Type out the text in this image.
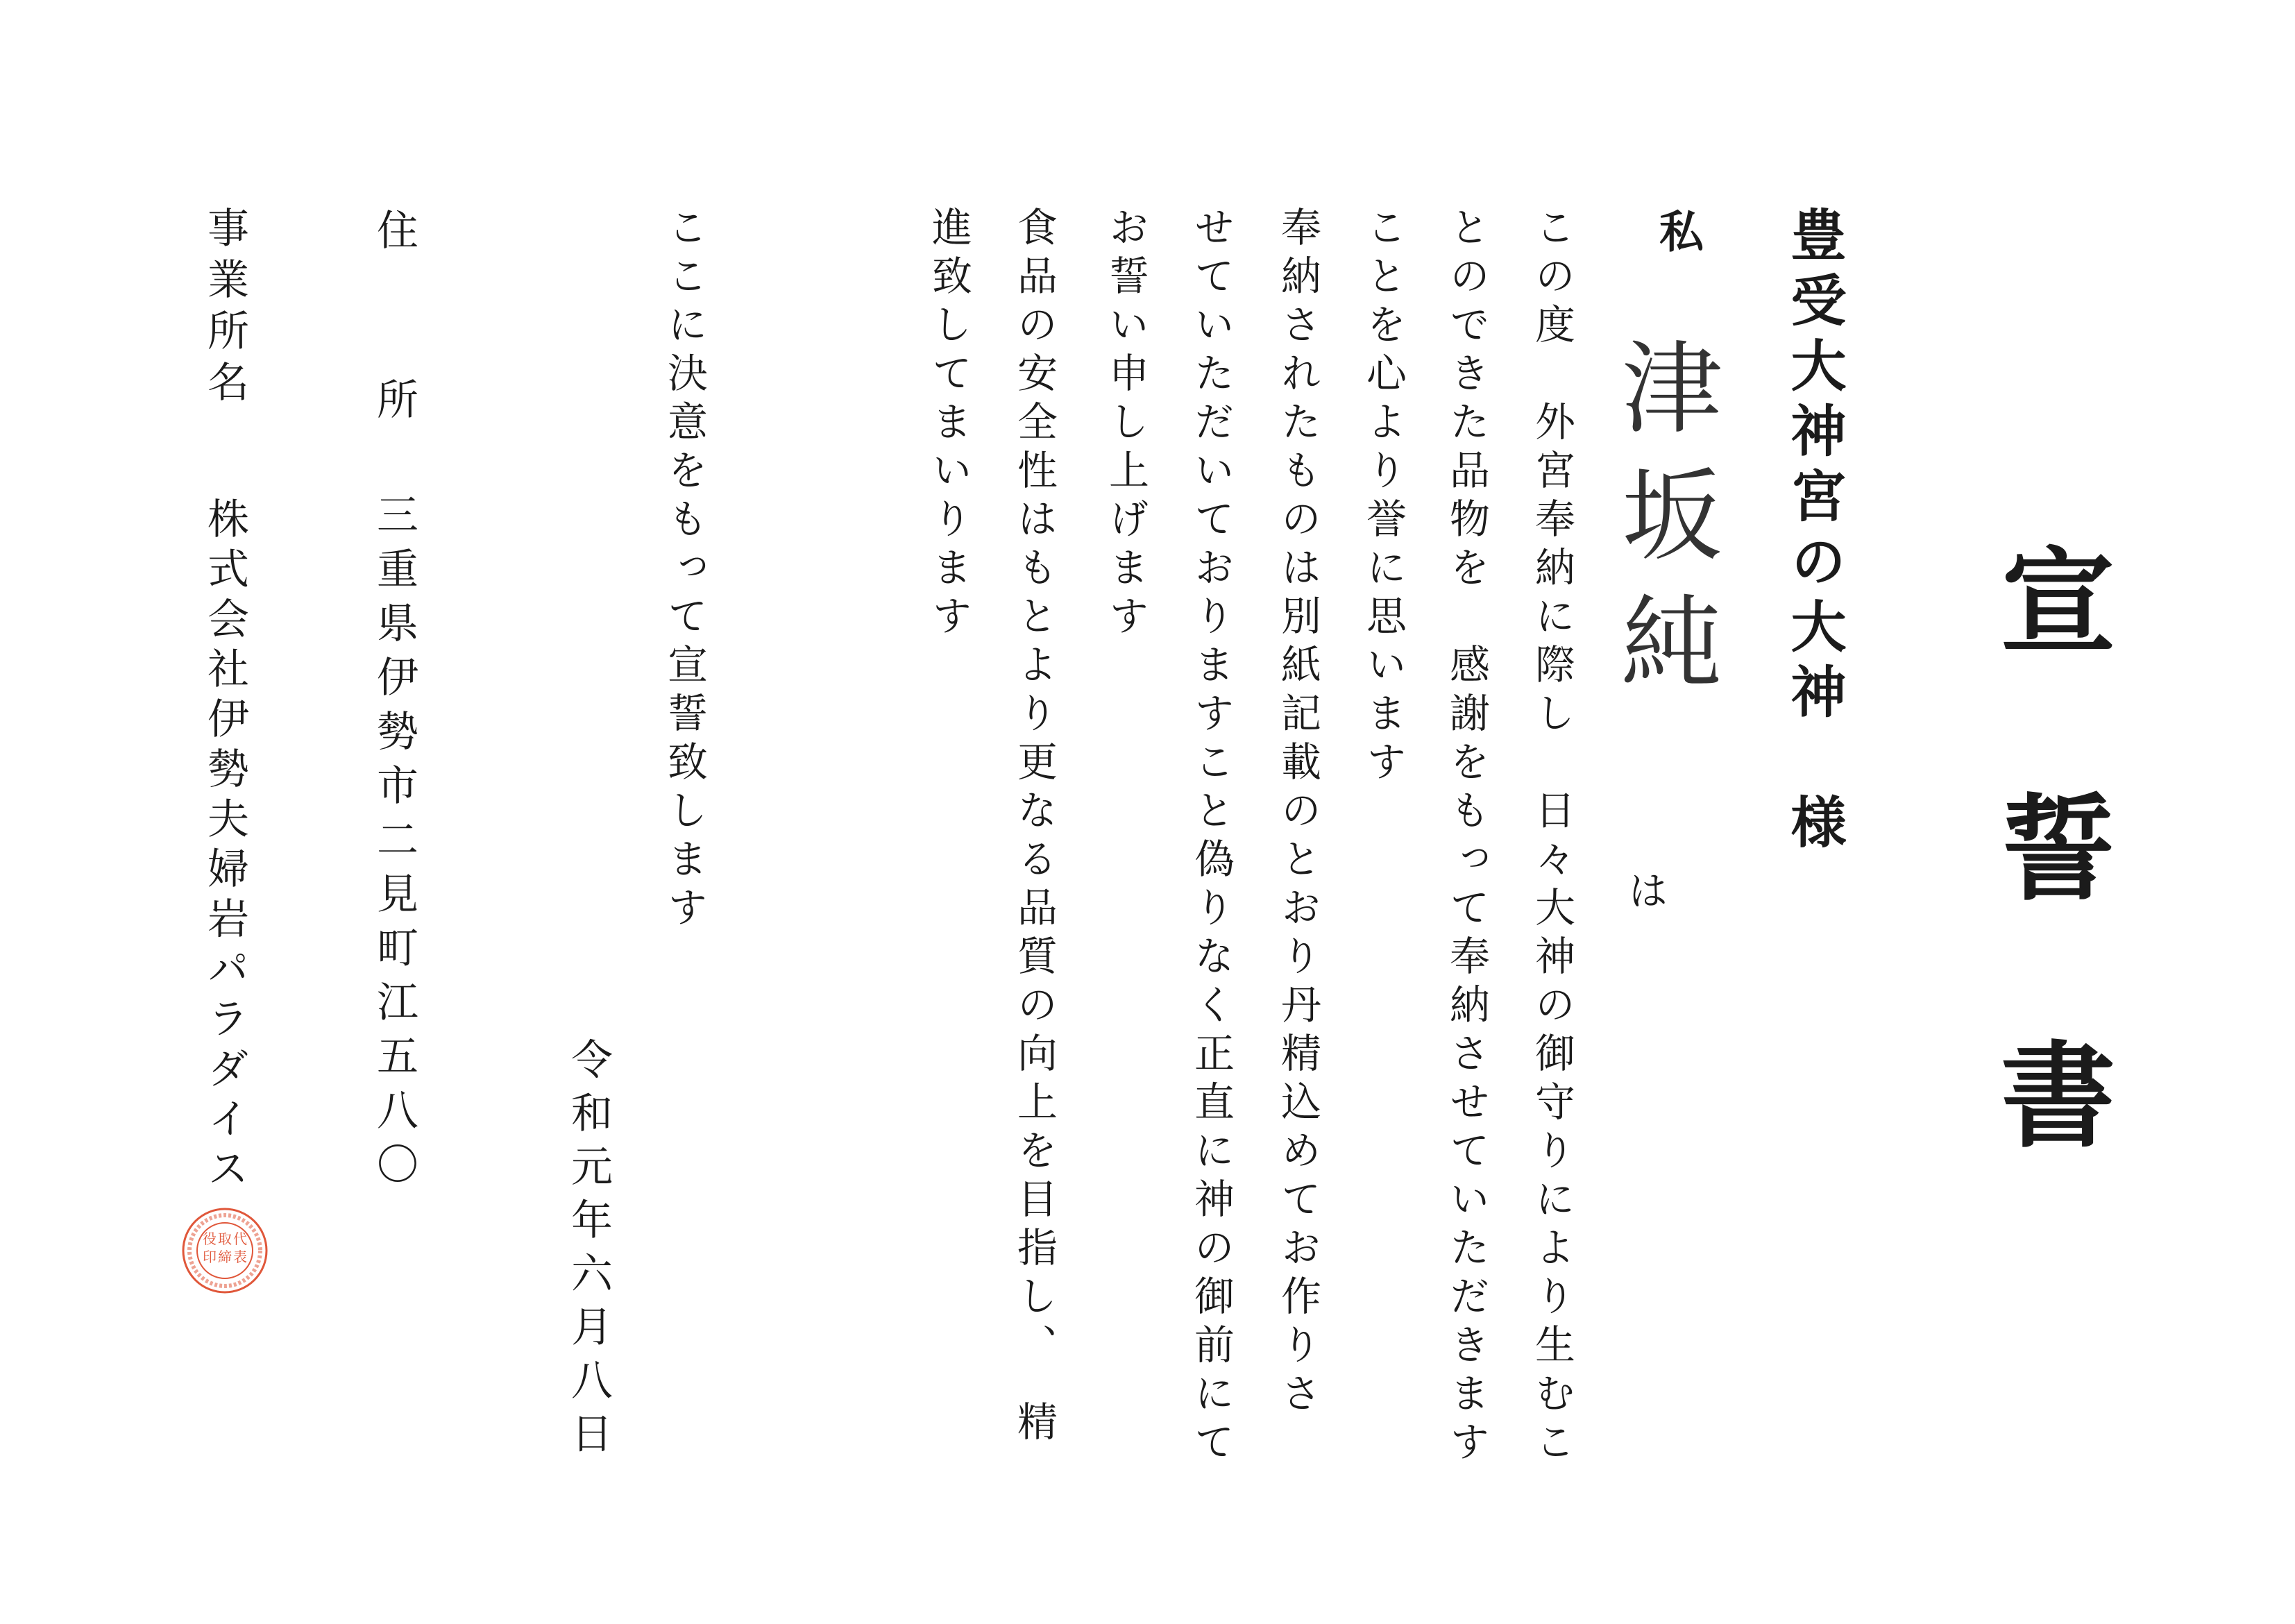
宣誓書
豊受大神宮の大神　様
私
津坂純
は
この度　外宮奉納に際し　日々大神の御守りにより生むこ
とのできた品物を　感謝をもって奉納させていただきます
ことを心より誉に思います
奉納されたものは別紙記載のとおり丹精込めてお作りさ
せていただいておりますこと偽りなく正直に神の御前にて
お誓い申し上げます
食品の安全性はもとより更なる品質の向上を目指し、　精
進致してまいります
ここに決意をもって宣誓致します
令和元年六月八日
住所
三重県伊勢市二見町江五八〇
事業所名
株式会社伊勢夫婦岩パラダイス
代
表
取
締
役
印
